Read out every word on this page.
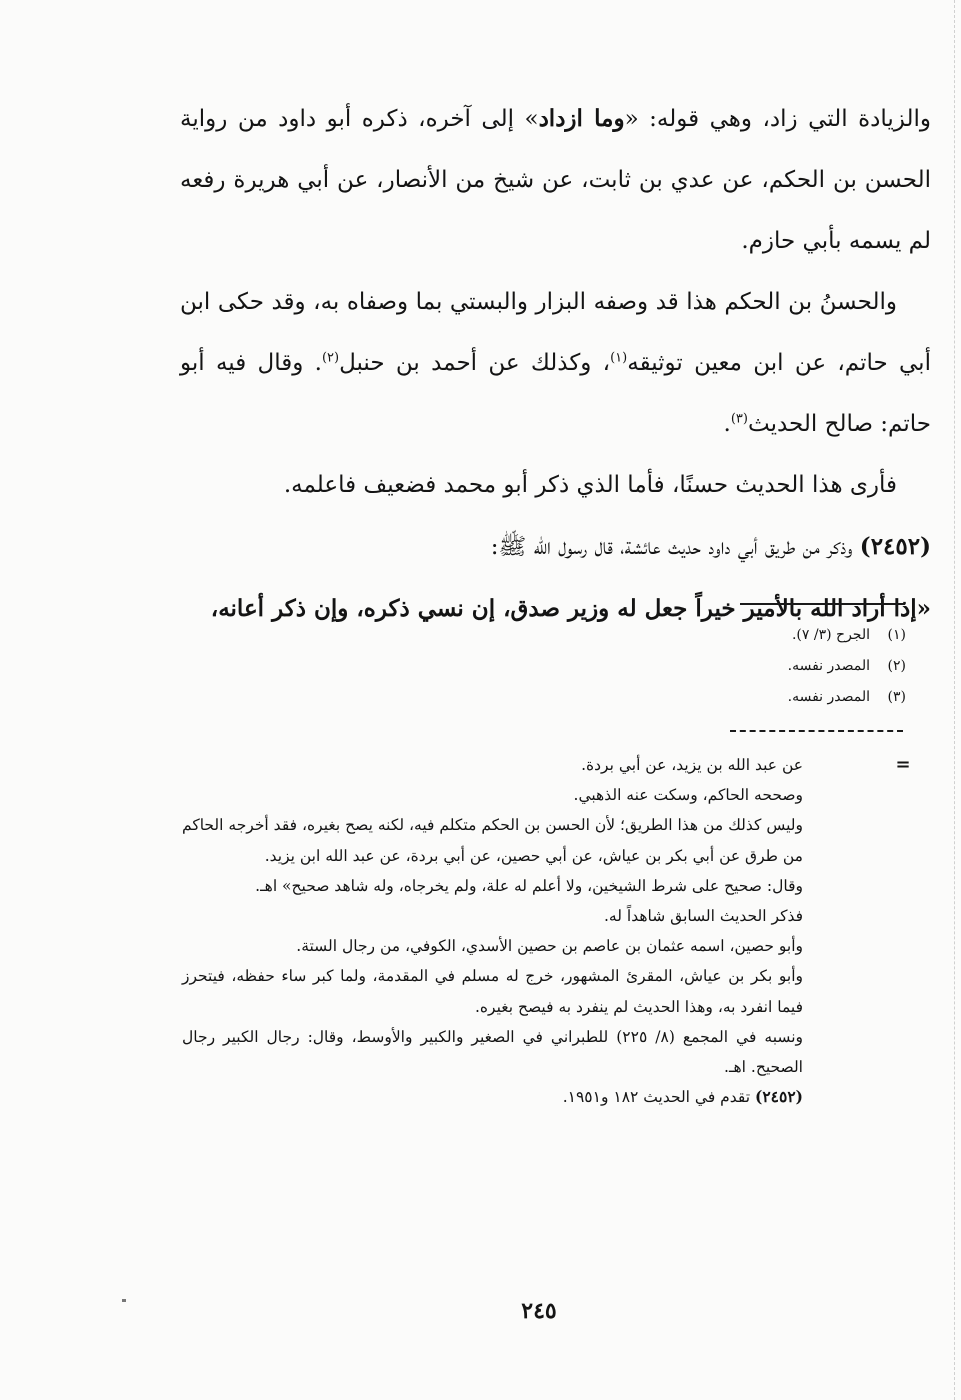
والزيادة التي زاد، وهي قوله: «وما ازداد» إلى آخره، ذكره أبو داود من رواية الحسن بن الحكم، عن عدي بن ثابت، عن شيخ من الأنصار، عن أبي هريرة رفعه لم يسمه بأبي حازم.

والحسنُ بن الحكم هذا قد وصفه البزار والبستي بما وصفاه به، وقد حكى ابن أبي حاتم، عن ابن معين توثيقه$^{(١)}$، وكذلك عن أحمد بن حنبل$^{(٢)}$. وقال فيه أبو حاتم: صالح الحديث$^{(٣)}$.

فأرى هذا الحديث حسنًا، فأما الذي ذكر أبو محمد فضعيف فاعلمه.

(٢٤٥٢) وذكر من طريق أبي داود حديث عائشة، قال رسول الله ﷺ:

«إذا أراد الله بالأمير خيراً جعل له وزير صدق، إن نسي ذكره، وإن ذكر أعانه،

(١)الجرح (٣/ ٧).
(٢)المصدر نفسه.
(٣)المصدر نفسه.
=

عن عبد الله بن يزيد، عن أبي بردة.

وصححه الحاكم، وسكت عنه الذهبي.

وليس كذلك من هذا الطريق؛ لأن الحسن بن الحكم متكلم فيه، لكنه يصح بغيره، فقد أخرجه الحاكم من طرق عن أبي بكر بن عياش، عن أبي حصين، عن أبي بردة، عن عبد الله ابن يزيد.

وقال: صحيح على شرط الشيخين، ولا أعلم له علة، ولم يخرجاه، وله شاهد صحيح» اهـ.

فذكر الحديث السابق شاهداً له.

وأبو حصين، اسمه عثمان بن عاصم بن حصين الأسدي، الكوفي، من رجال الستة.

وأبو بكر بن عياش، المقرئ المشهور، خرج له مسلم في المقدمة، ولما كبر ساء حفظه، فيتحرز فيما انفرد به، وهذا الحديث لم ينفرد به فيصح بغيره.

ونسبه في المجمع (٨/ ٢٢٥) للطبراني في الصغير والكبير والأوسط، وقال: رجال الكبير رجال الصحيح. اهـ.

(٢٤٥٢) تقدم في الحديث ١٨٢ و١٩٥١.

٢٤٥
